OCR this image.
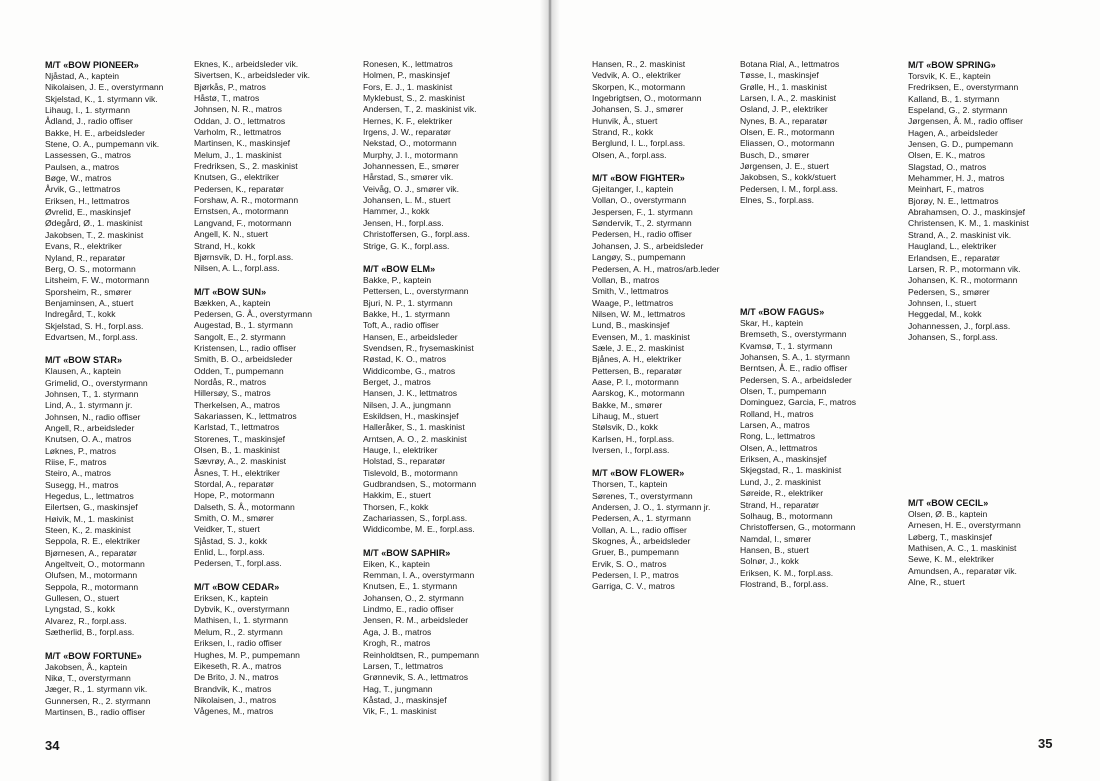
M/T «BOW PIONEER»
Njåstad, A., kaptein
Nikolaisen, J. E., overstyrmann
Skjelstad, K., 1. styrmann vik.
Lihaug, I., 1. styrmann
Ådland, J., radio offiser
Bakke, H. E., arbeidsleder
Stene, O. A., pumpemann vik.
Lassessen, G., matros
Paulsen, a., matros
Bøge, W., matros
Årvik, G., lettmatros
Eriksen, H., lettmatros
Øvrelid, E., maskinsjef
Ødegård, Ø., 1. maskinist
Jakobsen, T., 2. maskinist
Evans, R., elektriker
Nyland, R., reparatør
Berg, O. S., motormann
Litsheim, F. W., motormann
Sporsheim, R., smører
Benjaminsen, A., stuert
Indregård, T., kokk
Skjelstad, S. H., forpl.ass.
Edvartsen, M., forpl.ass.
M/T «BOW STAR»
Klausen, A., kaptein
Grimelid, O., overstyrmann
Johnsen, T., 1. styrmann
Lind, A., 1. styrmann jr.
Johnsen, N., radio offiser
Angell, R., arbeidsleder
Knutsen, O. A., matros
Løknes, P., matros
Riise, F., matros
Steiro, A., matros
Susegg, H., matros
Hegedus, L., lettmatros
Eilertsen, G., maskinsjef
Høivik, M., 1. maskinist
Steen, K., 2. maskinist
Seppola, R. E., elektriker
Bjørnesen, A., reparatør
Angeltveit, O., motormann
Olufsen, M., motormann
Seppola, R., motormann
Gullesen, O., stuert
Lyngstad, S., kokk
Alvarez, R., forpl.ass.
Sætherlid, B., forpl.ass.
M/T «BOW FORTUNE»
Jakobsen, Å., kaptein
Nikø, T., overstyrmann
Jæger, R., 1. styrmann vik.
Gunnersen, R., 2. styrmann
Martinsen, B., radio offiser
Eknes, K., arbeidsleder vik.
Sivertsen, K., arbeidsleder vik.
Bjørkås, P., matros
Håstø, T., matros
Johnsen, N. R., matros
Oddan, J. O., lettmatros
Varholm, R., lettmatros
Martinsen, K., maskinsjef
Melum, J., 1. maskinist
Fredriksen, S., 2. maskinist
Knutsen, G., elektriker
Pedersen, K., reparatør
Forshaw, A. R., motormann
Ernstsen, A., motormann
Langvand, F., motormann
Angell, K. N., stuert
Strand, H., kokk
Bjørnsvik, D. H., forpl.ass.
Nilsen, A. L., forpl.ass.
M/T «BOW SUN»
Bækken, A., kaptein
Pedersen, G. Å., overstyrmann
Augestad, B., 1. styrmann
Sangolt, E., 2. styrmann
Kristensen, L., radio offiser
Smith, B. O., arbeidsleder
Odden, T., pumpemann
Nordås, R., matros
Hillersøy, S., matros
Therkelsen, A., matros
Sakariassen, K., lettmatros
Karlstad, T., lettmatros
Storenes, T., maskinsjef
Olsen, B., 1. maskinist
Sævrøy, A., 2. maskinist
Åsnes, T. H., elektriker
Stordal, A., reparatør
Hope, P., motormann
Dalseth, S. Å., motormann
Smith, O. M., smører
Veidker, T., stuert
Sjåstad, S. J., kokk
Enlid, L., forpl.ass.
Pedersen, T., forpl.ass.
M/T «BOW CEDAR»
Eriksen, K., kaptein
Dybvik, K., overstyrmann
Mathisen, I., 1. styrmann
Melum, R., 2. styrmann
Eriksen, I., radio offiser
Hughes, M. P., pumpemann
Eikeseth, R. A., matros
De Brito, J. N., matros
Brandvik, K., matros
Nikolaisen, J., matros
Vågenes, M., matros
Ronesen, K., lettmatros
Holmen, P., maskinsjef
Fors, E. J., 1. maskinist
Myklebust, S., 2. maskinist
Andersen, T., 2. maskinist vik.
Hernes, K. F., elektriker
Irgens, J. W., reparatør
Nekstad, O., motormann
Murphy, J. I., motormann
Johannessen, E., smører
Hårstad, S., smører vik.
Veivåg, O. J., smører vik.
Johansen, L. M., stuert
Hammer, J., kokk
Jensen, H., forpl.ass.
Christoffersen, G., forpl.ass.
Strige, G. K., forpl.ass.
M/T «BOW ELM»
Bakke, P., kaptein
Pettersen, L., overstyrmann
Bjuri, N. P., 1. styrmann
Bakke, H., 1. styrmann
Toft, A., radio offiser
Hansen, E., arbeidsleder
Svendsen, R., frysemaskinist
Røstad, K. O., matros
Widdicombe, G., matros
Berget, J., matros
Hansen, J. K., lettmatros
Nilsen, J. A., jungmann
Eskildsen, H., maskinsjef
Halleråker, S., 1. maskinist
Arntsen, A. O., 2. maskinist
Hauge, I., elektriker
Holstad, S., reparatør
Tislevold, B., motormann
Gudbrandsen, S., motormann
Hakkim, E., stuert
Thorsen, F., kokk
Zachariassen, S., forpl.ass.
Widdicombe, M. E., forpl.ass.
M/T «BOW SAPHIR»
Eiken, K., kaptein
Remman, I. A., overstyrmann
Knutsen, E., 1. styrmann
Johansen, O., 2. styrmann
Lindmo, E., radio offiser
Jensen, R. M., arbeidsleder
Aga, J. B., matros
Krogh, R., matros
Reinholdtsen, R., pumpemann
Larsen, T., lettmatros
Grønnevik, S. A., lettmatros
Hag, T., jungmann
Kåstad, J., maskinsjef
Vik, F., 1. maskinist
34
Hansen, R., 2. maskinist
Vedvik, A. O., elektriker
Skorpen, K., motormann
Ingebrigtsen, O., motormann
Johansen, S. J., smører
Hunvik, Å., stuert
Strand, R., kokk
Berglund, I. L., forpl.ass.
Olsen, A., forpl.ass.
M/T «BOW FIGHTER»
Gjeitanger, I., kaptein
Vollan, O., overstyrmann
Jespersen, F., 1. styrmann
Søndervik, T., 2. styrmann
Pedersen, H., radio offiser
Johansen, J. S., arbeidsleder
Langøy, S., pumpemann
Pedersen, A. H., matros/arb.leder
Vollan, B., matros
Smith, V., lettmatros
Waage, P., lettmatros
Nilsen, W. M., lettmatros
Lund, B., maskinsjef
Evensen, M., 1. maskinist
Sæle, J. E., 2. maskinist
Bjånes, A. H., elektriker
Pettersen, B., reparatør
Aase, P. I., motormann
Aarskog, K., motormann
Bakke, M., smører
Lihaug, M., stuert
Stølsvik, D., kokk
Karlsen, H., forpl.ass.
Iversen, I., forpl.ass.
M/T «BOW FLOWER»
Thorsen, T., kaptein
Sørenes, T., overstyrmann
Andersen, J. O., 1. styrmann jr.
Pedersen, A., 1. styrmann
Vollan, A. L., radio offiser
Skognes, Å., arbeidsleder
Gruer, B., pumpemann
Ervik, S. O., matros
Pedersen, I. P., matros
Garriga, C. V., matros
Botana Rial, A., lettmatros
Tøsse, I., maskinsjef
Grølle, H., 1. maskinist
Larsen, I. A., 2. maskinist
Osland, J. P., elektriker
Nynes, B. A., reparatør
Olsen, E. R., motormann
Eliassen, O., motormann
Busch, D., smører
Jørgensen, J. E., stuert
Jakobsen, S., kokk/stuert
Pedersen, I. M., forpl.ass.
Elnes, S., forpl.ass.
M/T «BOW FAGUS»
Skar, H., kaptein
Bremseth, S., overstyrmann
Kvamsø, T., 1. styrmann
Johansen, S. A., 1. styrmann
Berntsen, Å. E., radio offiser
Pedersen, S. A., arbeidsleder
Olsen, T., pumpemann
Dominguez, Garcia, F., matros
Rolland, H., matros
Larsen, A., matros
Rong, L., lettmatros
Olsen, A., lettmatros
Eriksen, A., maskinsjef
Skjegstad, R., 1. maskinist
Lund, J., 2. maskinist
Søreide, R., elektriker
Strand, H., reparatør
Solhaug, B., motormann
Christoffersen, G., motormann
Namdal, I., smører
Hansen, B., stuert
Solnør, J., kokk
Eriksen, K. M., forpl.ass.
Flostrand, B., forpl.ass.
M/T «BOW SPRING»
Torsvik, K. E., kaptein
Fredriksen, E., overstyrmann
Kalland, B., 1. styrmann
Espeland, G., 2. styrmann
Jørgensen, Å. M., radio offiser
Hagen, A., arbeidsleder
Jensen, G. D., pumpemann
Olsen, E. K., matros
Slagstad, O., matros
Mehammer, H. J., matros
Meinhart, F., matros
Bjorøy, N. E., lettmatros
Abrahamsen, O. J., maskinsjef
Christensen, K. M., 1. maskinist
Strand, A., 2. maskinist vik.
Haugland, L., elektriker
Erlandsen, E., reparatør
Larsen, R. P., motormann vik.
Johansen, K. R., motormann
Pedersen, S., smører
Johnsen, I., stuert
Heggedal, M., kokk
Johannessen, J., forpl.ass.
Johansen, S., forpl.ass.
M/T «BOW CECIL»
Olsen, Ø. B., kaptein
Arnesen, H. E., overstyrmann
Løberg, T., maskinsjef
Mathisen, A. C., 1. maskinist
Sewe, K. M., elektriker
Amundsen, A., reparatør vik.
Alne, R., stuert
35
